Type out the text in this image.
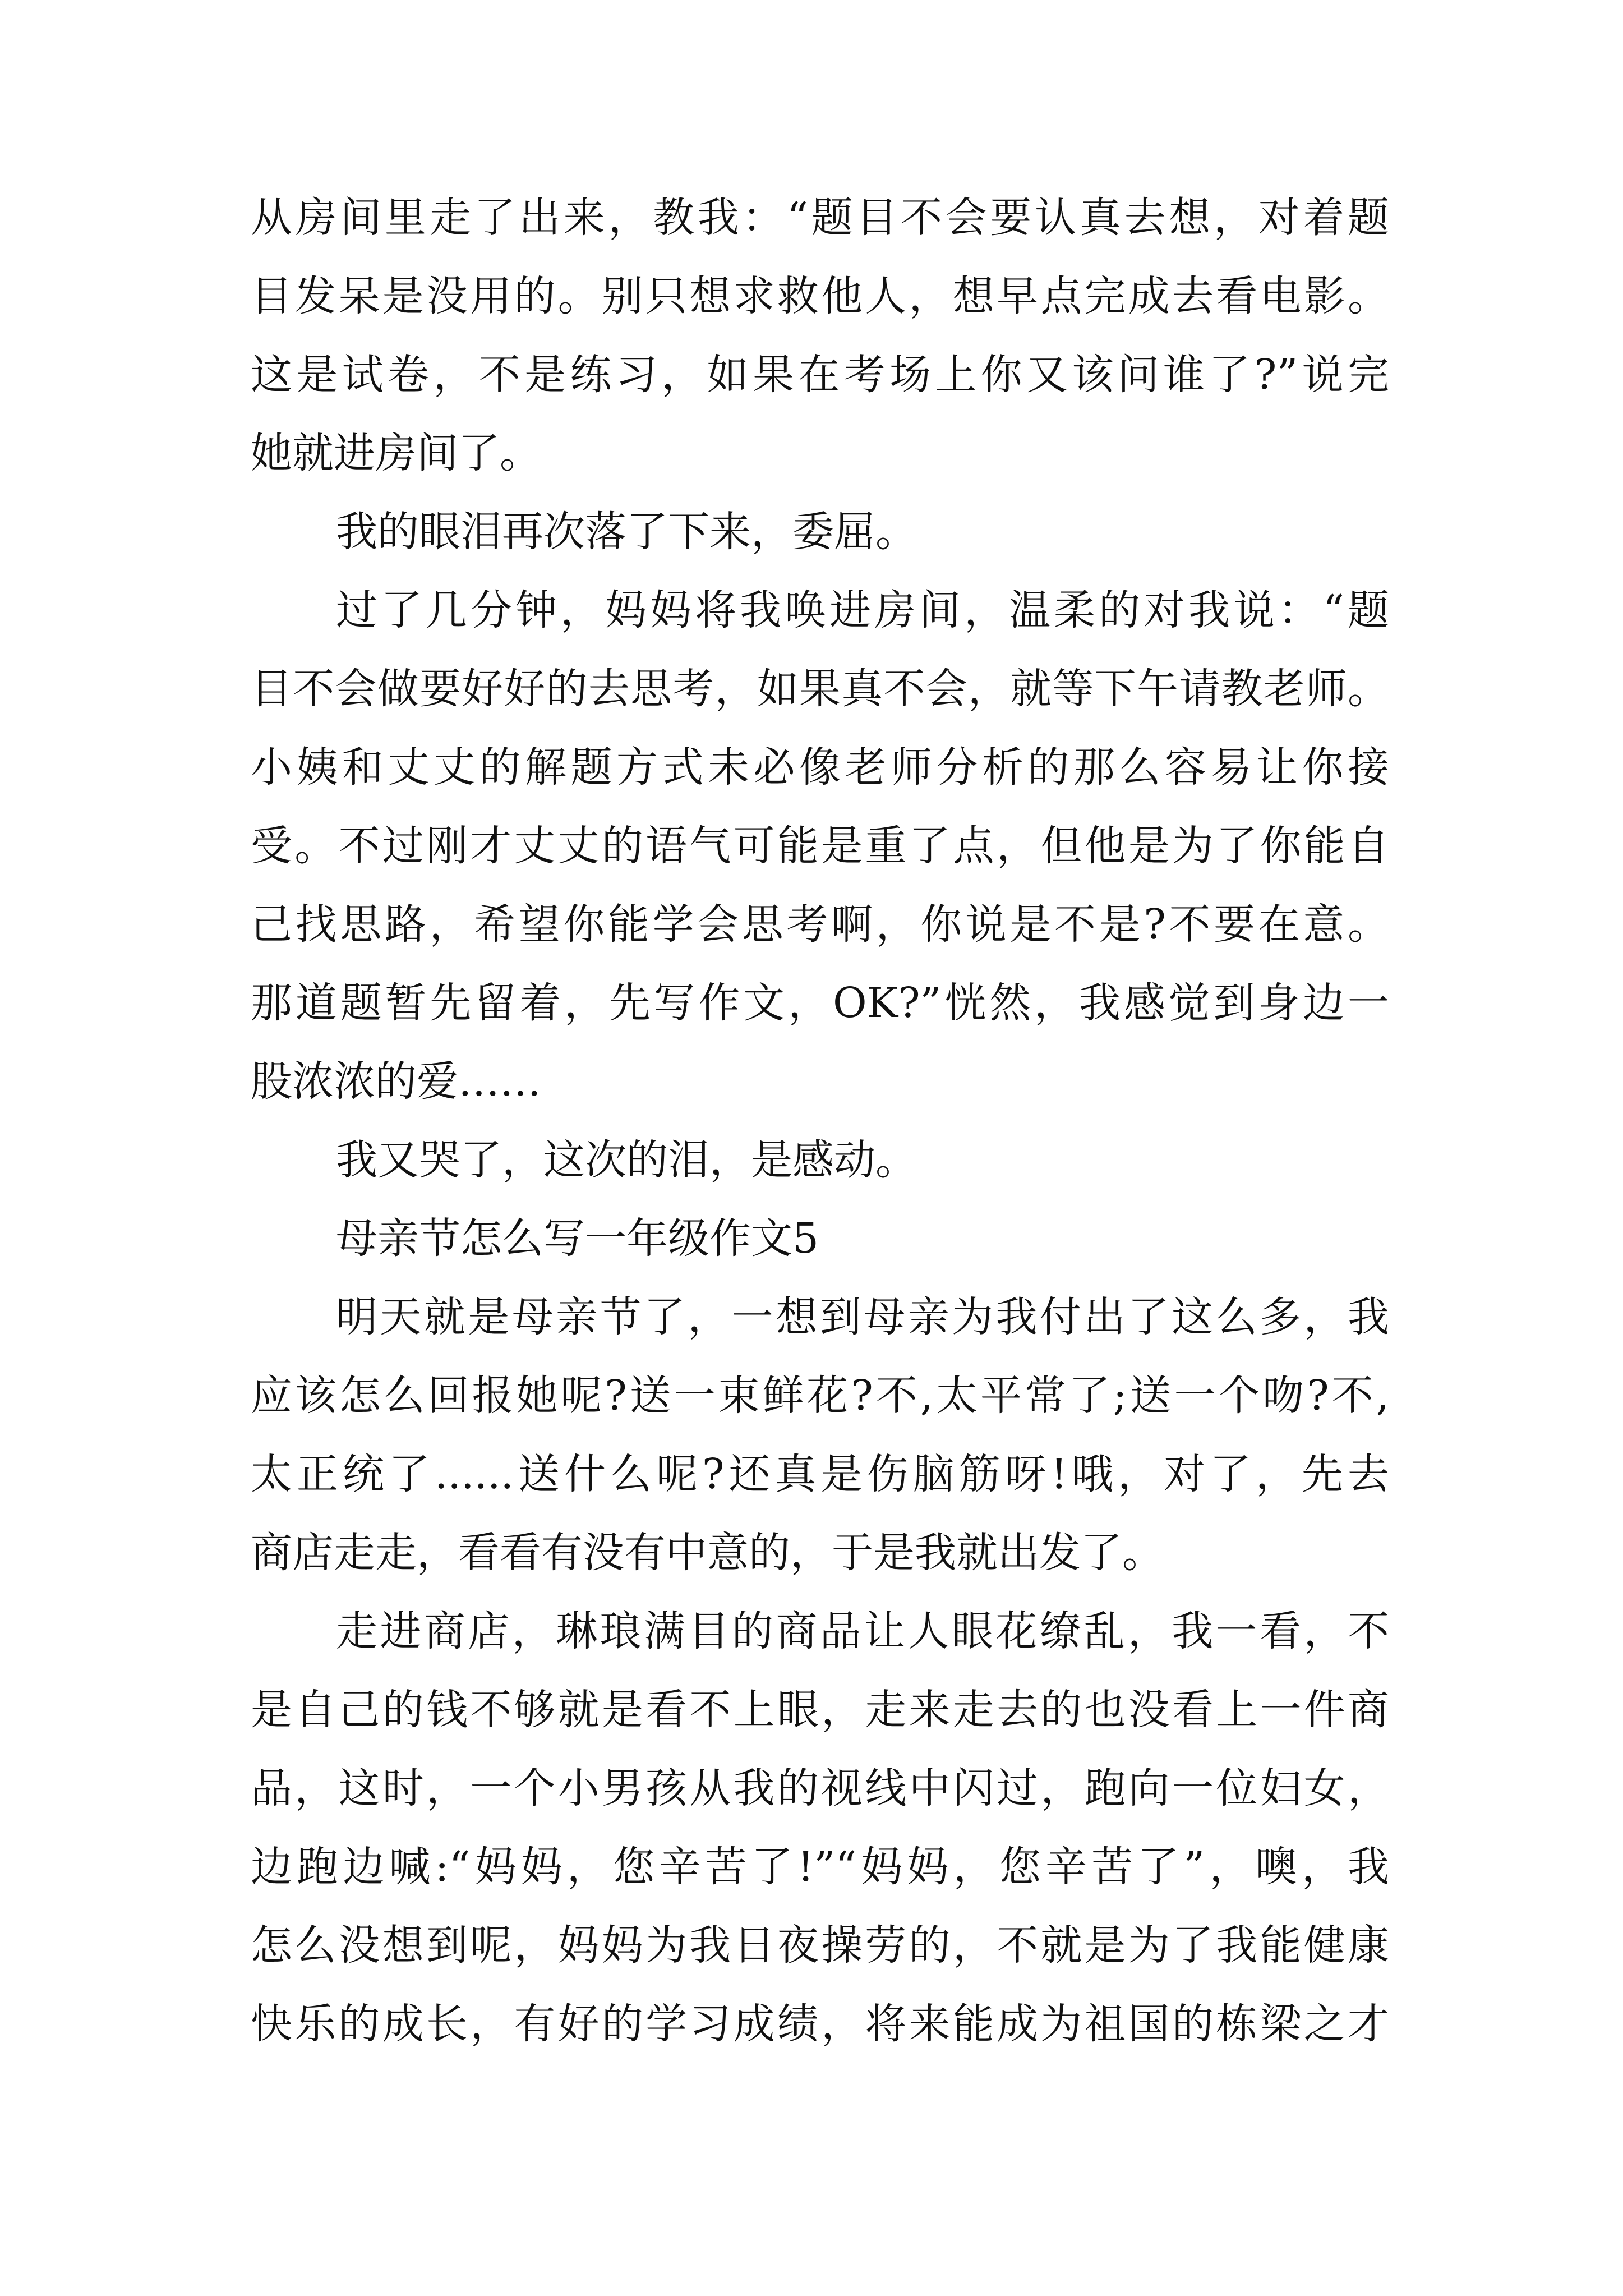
从房间里走了出来，教我：“题目不会要认真去想，对着题
目发呆是没用的。别只想求救他人，想早点完成去看电影。
这是试卷，不是练习，如果在考场上你又该问谁了?”说完
她就进房间了。
我的眼泪再次落了下来，委屈。
过了几分钟，妈妈将我唤进房间，温柔的对我说：“题
目不会做要好好的去思考，如果真不会，就等下午请教老师。
小姨和丈丈的解题方式未必像老师分析的那么容易让你接
受。不过刚才丈丈的语气可能是重了点，但他是为了你能自
己找思路，希望你能学会思考啊，你说是不是?不要在意。
那道题暂先留着，先写作文，OK?”恍然，我感觉到身边一
股浓浓的爱……
我又哭了，这次的泪，是感动。
母亲节怎么写一年级作文5
明天就是母亲节了，一想到母亲为我付出了这么多，我
应该怎么回报她呢?送一束鲜花?不,太平常了;送一个吻?不,
太正统了......送什么呢?还真是伤脑筋呀!哦，对了，先去
商店走走，看看有没有中意的，于是我就出发了。
走进商店，琳琅满目的商品让人眼花缭乱，我一看，不
是自己的钱不够就是看不上眼，走来走去的也没看上一件商
品，这时，一个小男孩从我的视线中闪过，跑向一位妇女，
边跑边喊:“妈妈，您辛苦了!”“妈妈，您辛苦了”，噢，我
怎么没想到呢，妈妈为我日夜操劳的，不就是为了我能健康
快乐的成长，有好的学习成绩，将来能成为祖国的栋梁之才
